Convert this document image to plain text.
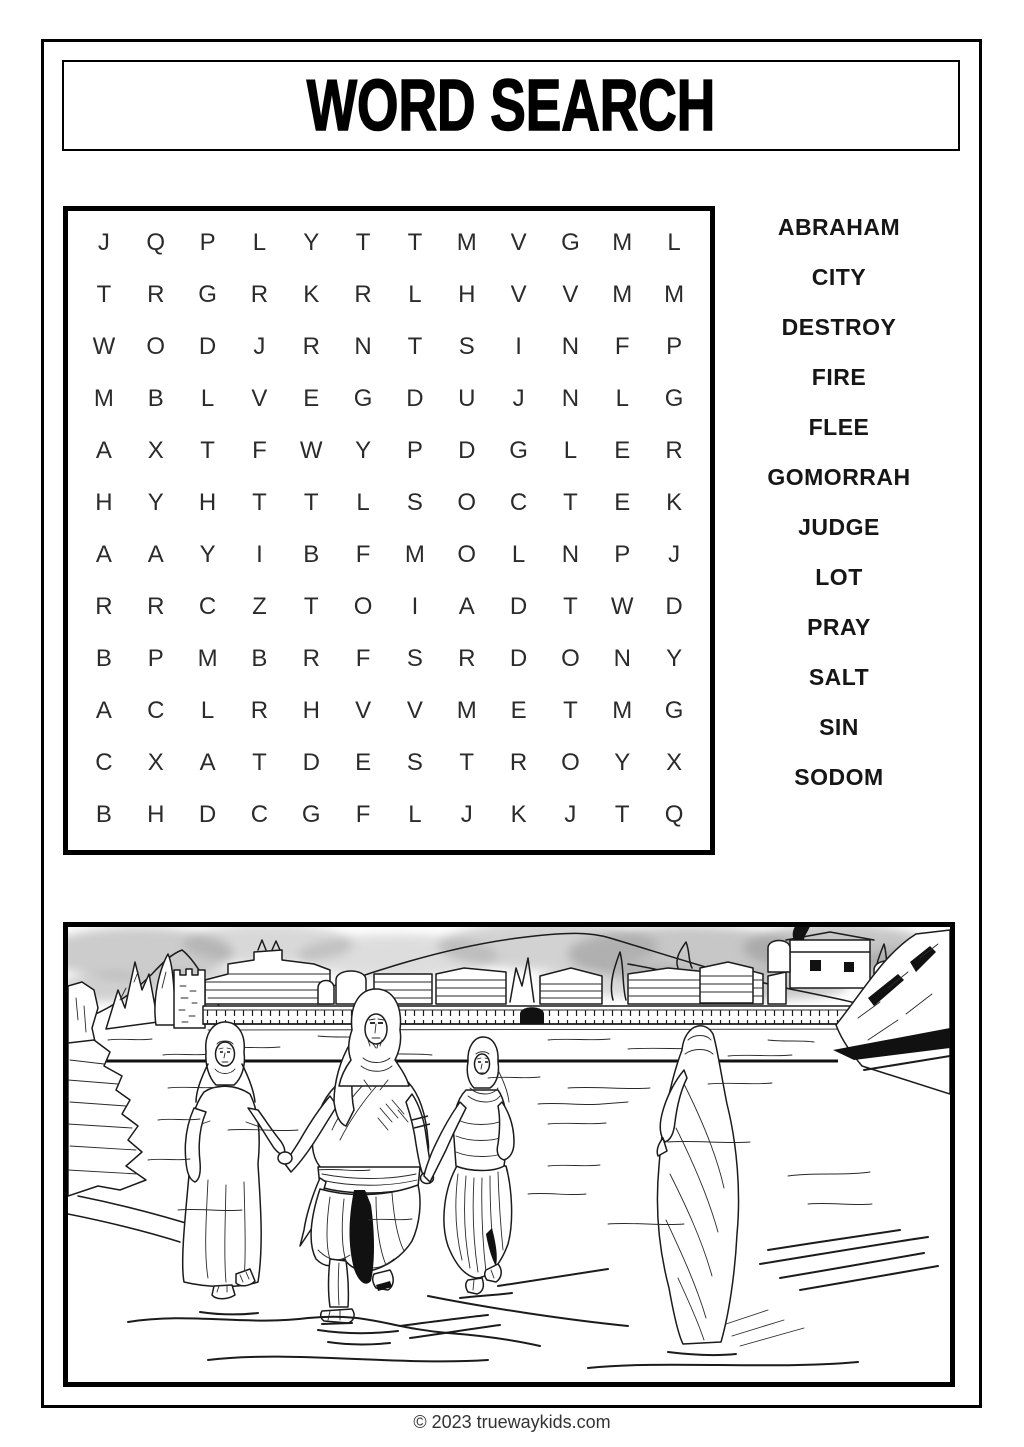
WORD SEARCH
J	Q	P	L	Y	T	T	M	V	G	M	L
T	R	G	R	K	R	L	H	V	V	M	M
W	O	D	J	R	N	T	S	I	N	F	P
M	B	L	V	E	G	D	U	J	N	L	G
A	X	T	F	W	Y	P	D	G	L	E	R
H	Y	H	T	T	L	S	O	C	T	E	K
A	A	Y	I	B	F	M	O	L	N	P	J
R	R	C	Z	T	O	I	A	D	T	W	D
B	P	M	B	R	F	S	R	D	O	N	Y
A	C	L	R	H	V	V	M	E	T	M	G
C	X	A	T	D	E	S	T	R	O	Y	X
B	H	D	C	G	F	L	J	K	J	T	Q
ABRAHAM
CITY
DESTROY
FIRE
FLEE
GOMORRAH
JUDGE
LOT
PRAY
SALT
SIN
SODOM
© 2023 truewaykids.com
